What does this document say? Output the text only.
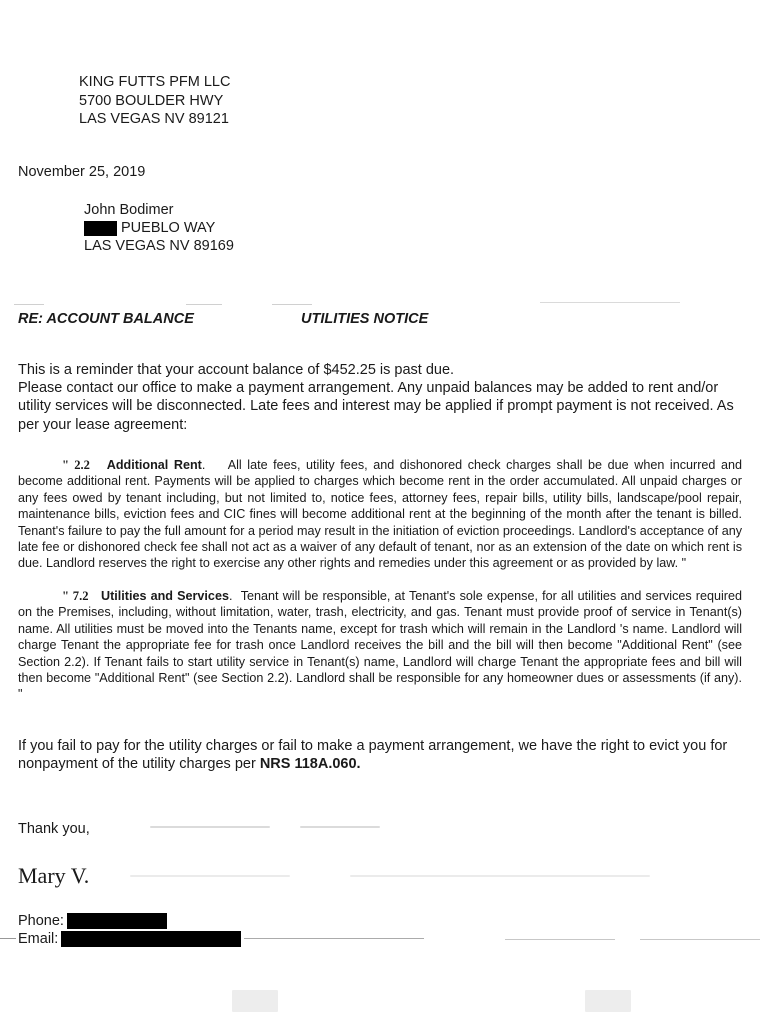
KING FUTTS PFM LLC
5700 BOULDER HWY
LAS VEGAS NV 89121
November 25, 2019
John Bodimer
PUEBLO WAY
LAS VEGAS NV 89169
RE: ACCOUNT BALANCE	UTILITIES NOTICE
This is a reminder that your account balance of $452.25 is past due.
Please contact our office to make a payment arrangement. Any unpaid balances may be added to rent and/or utility services will be disconnected. Late fees and interest may be applied if prompt payment is not received. As per your lease agreement:
" 2.2 Additional Rent.    All late fees, utility fees, and dishonored check charges shall be due when incurred and become additional rent. Payments will be applied to charges which become rent in the order accumulated. All unpaid charges or any fees owed by tenant including, but not limited to, notice fees, attorney fees, repair bills, utility bills, landscape/pool repair, maintenance bills, eviction fees and CIC fines will become additional rent at the beginning of the month after the tenant is billed. Tenant's failure to pay the full amount for a period may result in the initiation of eviction proceedings. Landlord's acceptance of any late fee or dishonored check fee shall not act as a waiver of any default of tenant, nor as an extension of the date on which rent is due. Landlord reserves the right to exercise any other rights and remedies under this agreement or as provided by law. "
" 7.2 Utilities and Services.  Tenant will be responsible, at Tenant's sole expense, for all utilities and services required on the Premises, including, without limitation, water, trash, electricity, and gas. Tenant must provide proof of service in Tenant(s) name. All utilities must be moved into the Tenants name, except for trash which will remain in the Landlord 's name. Landlord will charge Tenant the appropriate fee for trash once Landlord receives the bill and the bill will then become "Additional Rent" (see Section 2.2). If Tenant fails to start utility service in Tenant(s) name, Landlord will charge Tenant the appropriate fees and bill will then become "Additional Rent" (see Section 2.2). Landlord shall be responsible for any homeowner dues or assessments (if any). "
If you fail to pay for the utility charges or fail to make a payment arrangement, we have the right to evict you for nonpayment of the utility charges per NRS 118A.060.
Thank you,
Mary V.
Phone:
Email:
